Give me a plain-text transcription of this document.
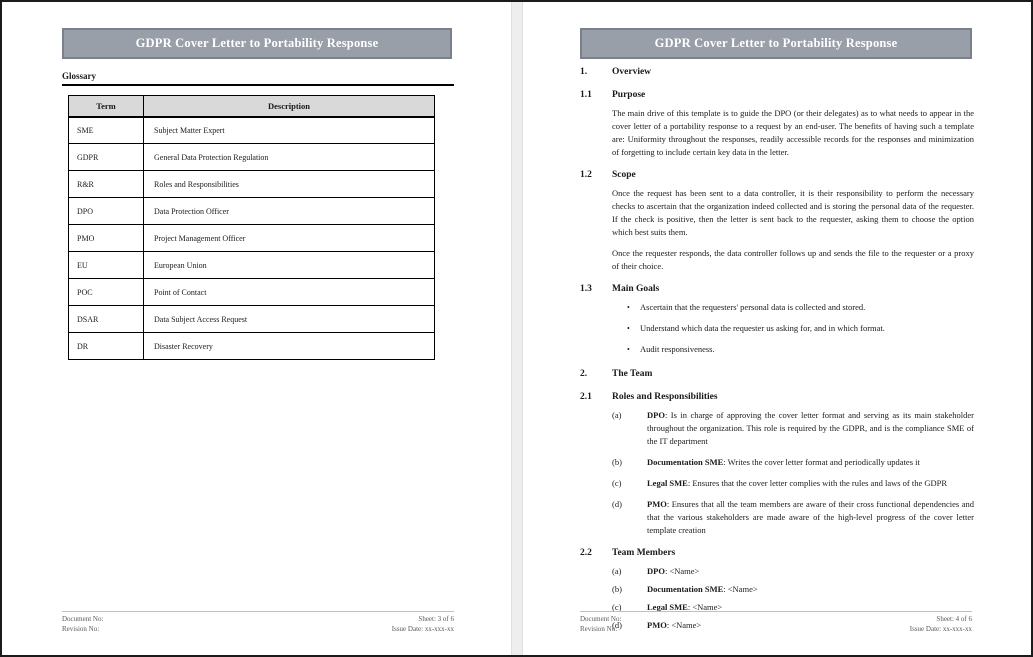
GDPR Cover Letter to Portability Response
Glossary
Term	Description
SME	Subject Matter Expert
GDPR	General Data Protection Regulation
R&R	Roles and Responsibilities
DPO	Data Protection Officer
PMO	Project Management Officer
EU	European Union
POC	Point of Contact
DSAR	Data Subject Access Request
DR	Disaster Recovery
Document No:
Revision No:
Sheet: 3 of 6
Issue Date: xx-xxx-xx
GDPR Cover Letter to Portability Response
1.	Overview
1.1	Purpose

The main drive of this template is to guide the DPO (or their delegates) as to what needs to appear in the cover letter of a portability response to a request by an end-user. The benefits of having such a template are: Uniformity throughout the responses, readily accessible records for the responses and minimization of forgetting to include certain key data in the letter.

1.2	Scope

Once the request has been sent to a data controller, it is their responsibility to perform the necessary checks to ascertain that the organization indeed collected and is storing the personal data of the requester. If the check is positive, then the letter is sent back to the requester, asking them to choose the option which best suits them.

Once the requester responds, the data controller follows up and sends the file to the requester or a proxy of their choice.

1.3	Main Goals
• Ascertain that the requesters' personal data is collected and stored.
• Understand which data the requester us asking for, and in which format.
• Audit responsiveness.
2.	The Team
2.1	Roles and Responsibilities
(a)	DPO: Is in charge of approving the cover letter format and serving as its main stakeholder throughout the organization. This role is required by the GDPR, and is the compliance SME of the IT department
(b)	Documentation SME: Writes the cover letter format and periodically updates it
(c)	Legal SME: Ensures that the cover letter complies with the rules and laws of the GDPR
(d)	PMO: Ensures that all the team members are aware of their cross functional dependencies and that the various stakeholders are made aware of the high-level progress of the cover letter template creation
2.2	Team Members
(a)	DPO: <Name>
(b)	Documentation SME: <Name>
(c)	Legal SME: <Name>
(d)	PMO: <Name>
Document No:
Revision No:
Sheet: 4 of 6
Issue Date: xx-xxx-xx
